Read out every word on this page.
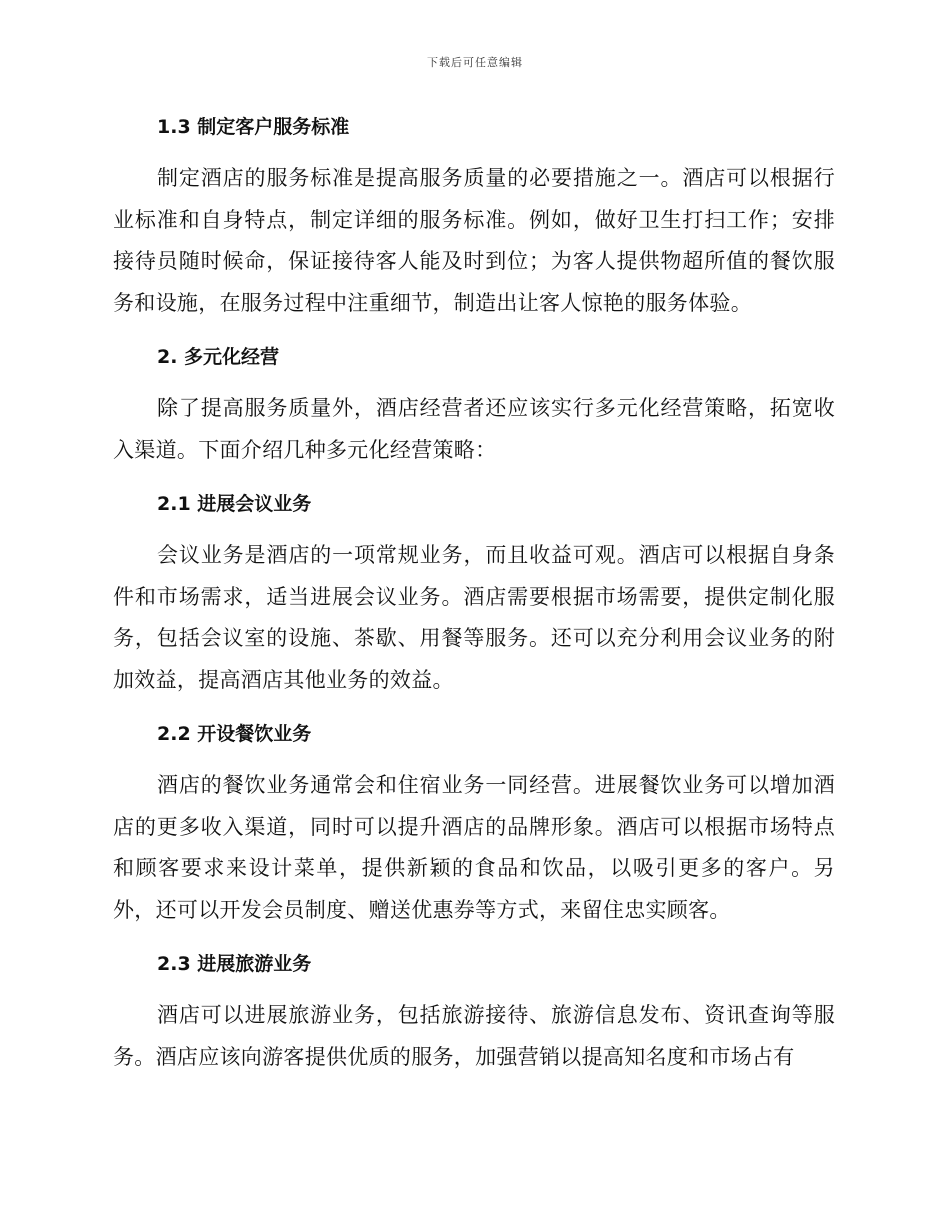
下载后可任意编辑
1.3 制定客户服务标准

制定酒店的服务标准是提高服务质量的必要措施之一。酒店可以根据行业标准和自身特点，制定详细的服务标准。例如，做好卫生打扫工作；安排接待员随时候命，保证接待客人能及时到位；为客人提供物超所值的餐饮服务和设施，在服务过程中注重细节，制造出让客人惊艳的服务体验。

2. 多元化经营

除了提高服务质量外，酒店经营者还应该实行多元化经营策略，拓宽收入渠道。下面介绍几种多元化经营策略：

2.1 进展会议业务

会议业务是酒店的一项常规业务，而且收益可观。酒店可以根据自身条件和市场需求，适当进展会议业务。酒店需要根据市场需要，提供定制化服务，包括会议室的设施、茶歇、用餐等服务。还可以充分利用会议业务的附加效益，提高酒店其他业务的效益。

2.2 开设餐饮业务

酒店的餐饮业务通常会和住宿业务一同经营。进展餐饮业务可以增加酒店的更多收入渠道，同时可以提升酒店的品牌形象。酒店可以根据市场特点和顾客要求来设计菜单，提供新颖的食品和饮品，以吸引更多的客户。另外，还可以开发会员制度、赠送优惠券等方式，来留住忠实顾客。

2.3 进展旅游业务

酒店可以进展旅游业务，包括旅游接待、旅游信息发布、资讯查询等服务。酒店应该向游客提供优质的服务，加强营销以提高知名度和市场占有
